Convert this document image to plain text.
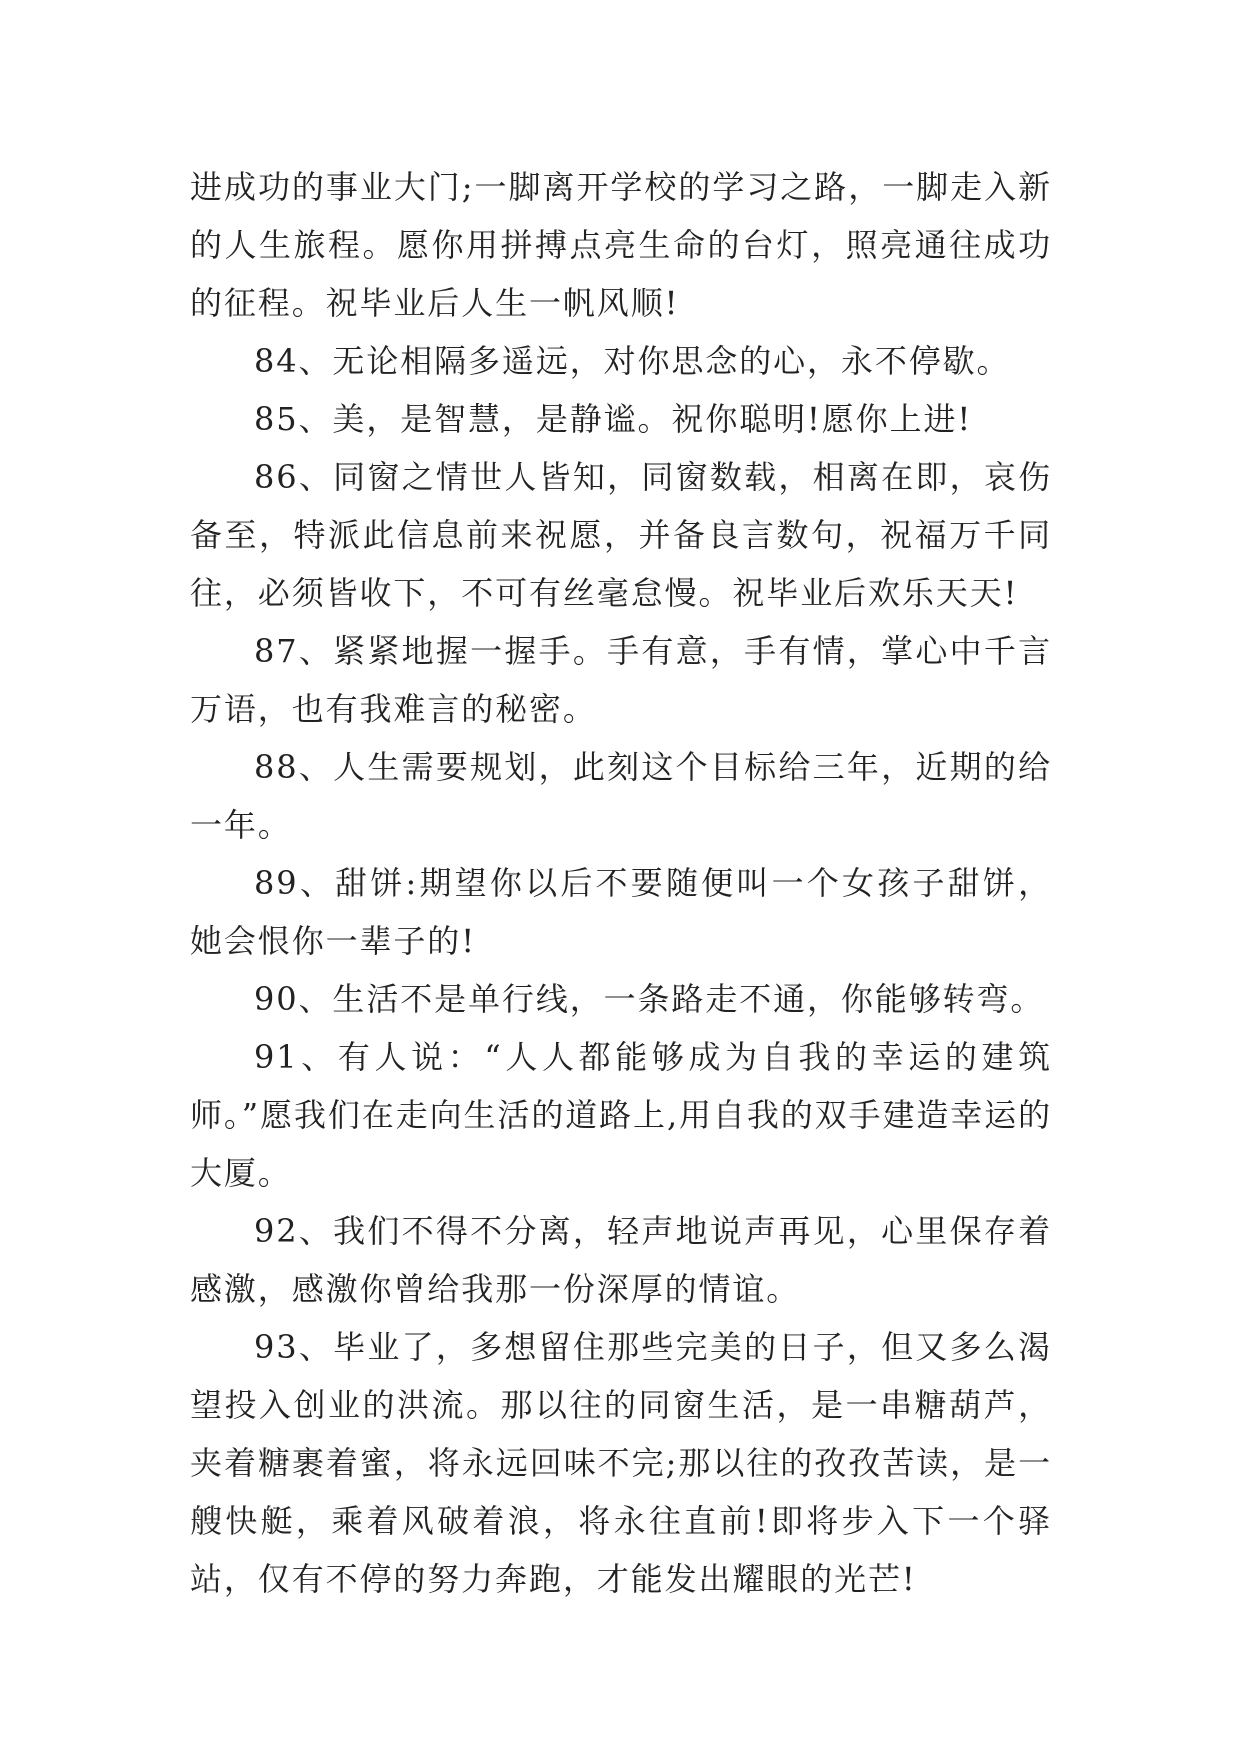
进成功的事业大门;一脚离开学校的学习之路，一脚走入新的人生旅程。愿你用拼搏点亮生命的台灯，照亮通往成功的征程。祝毕业后人生一帆风顺!

84、无论相隔多遥远，对你思念的心，永不停歇。

85、美，是智慧，是静谧。祝你聪明!愿你上进!

86、同窗之情世人皆知，同窗数载，相离在即，哀伤备至，特派此信息前来祝愿，并备良言数句，祝福万千同往，必须皆收下，不可有丝毫怠慢。祝毕业后欢乐天天!

87、紧紧地握一握手。手有意，手有情，掌心中千言万语，也有我难言的秘密。

88、人生需要规划，此刻这个目标给三年，近期的给一年。

89、甜饼:期望你以后不要随便叫一个女孩子甜饼，她会恨你一辈子的!

90、生活不是单行线，一条路走不通，你能够转弯。

91、有人说：“人人都能够成为自我的幸运的建筑师。”愿我们在走向生活的道路上,用自我的双手建造幸运的大厦。

92、我们不得不分离，轻声地说声再见，心里保存着感激，感激你曾给我那一份深厚的情谊。

93、毕业了，多想留住那些完美的日子，但又多么渴望投入创业的洪流。那以往的同窗生活，是一串糖葫芦，夹着糖裹着蜜，将永远回味不完;那以往的孜孜苦读，是一艘快艇，乘着风破着浪，将永往直前!即将步入下一个驿站，仅有不停的努力奔跑，才能发出耀眼的光芒!
